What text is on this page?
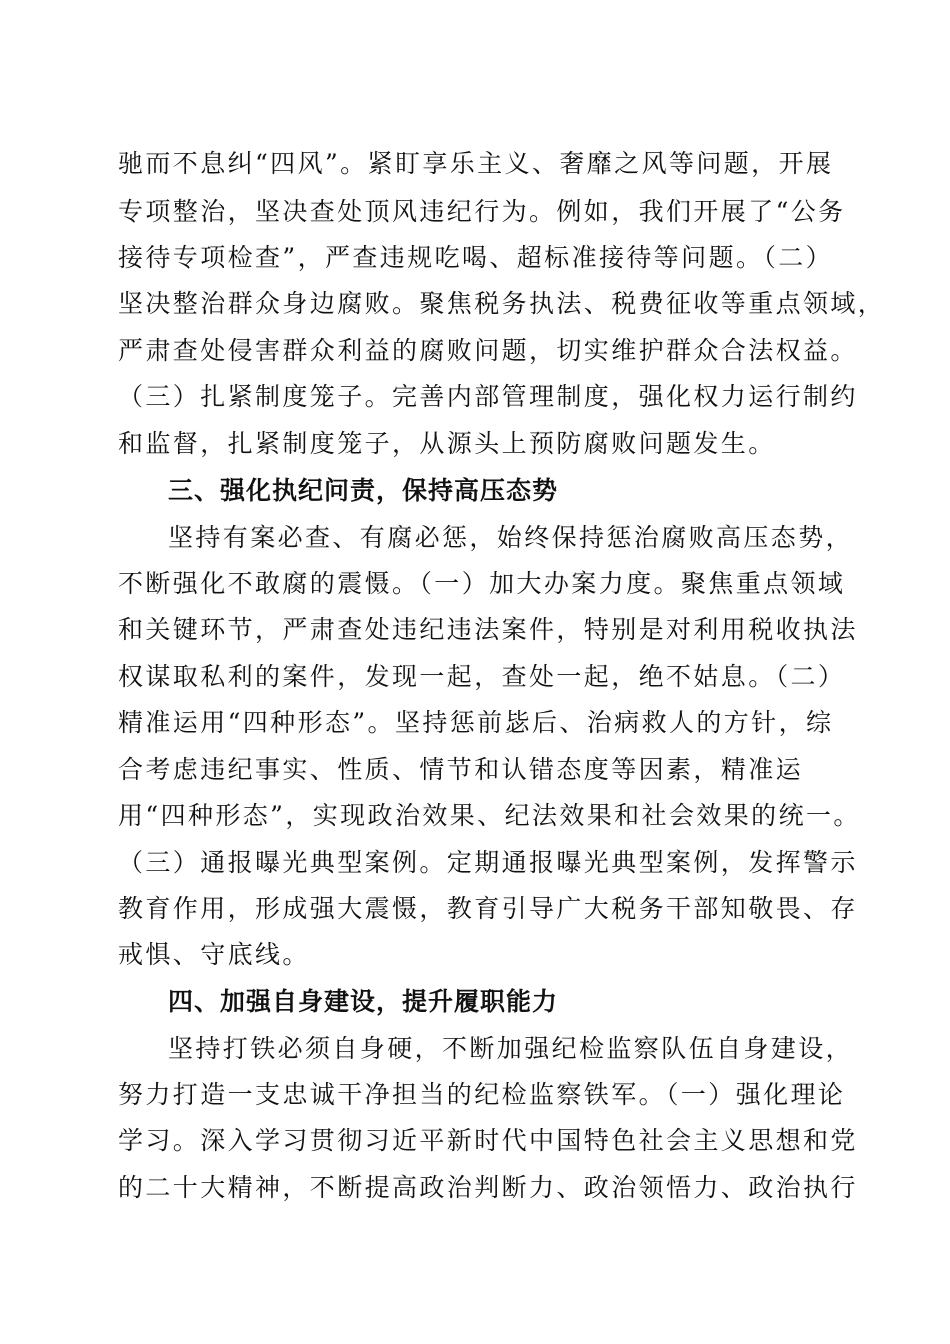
驰而不息纠“四风”。紧盯享乐主义、奢靡之风等问题，开展
专项整治，坚决查处顶风违纪行为。例如，我们开展了“公务
接待专项检查”，严查违规吃喝、超标准接待等问题。（二）
坚决整治群众身边腐败。聚焦税务执法、税费征收等重点领域，
严肃查处侵害群众利益的腐败问题，切实维护群众合法权益。
（三）扎紧制度笼子。完善内部管理制度，强化权力运行制约
和监督，扎紧制度笼子，从源头上预防腐败问题发生。
三、强化执纪问责，保持高压态势
坚持有案必查、有腐必惩，始终保持惩治腐败高压态势，
不断强化不敢腐的震慑。（一）加大办案力度。聚焦重点领域
和关键环节，严肃查处违纪违法案件，特别是对利用税收执法
权谋取私利的案件，发现一起，查处一起，绝不姑息。（二）
精准运用“四种形态”。坚持惩前毖后、治病救人的方针，综
合考虑违纪事实、性质、情节和认错态度等因素，精准运
用“四种形态”，实现政治效果、纪法效果和社会效果的统一。
（三）通报曝光典型案例。定期通报曝光典型案例，发挥警示
教育作用，形成强大震慑，教育引导广大税务干部知敬畏、存
戒惧、守底线。
四、加强自身建设，提升履职能力
坚持打铁必须自身硬，不断加强纪检监察队伍自身建设，
努力打造一支忠诚干净担当的纪检监察铁军。（一）强化理论
学习。深入学习贯彻习近平新时代中国特色社会主义思想和党
的二十大精神，不断提高政治判断力、政治领悟力、政治执行
